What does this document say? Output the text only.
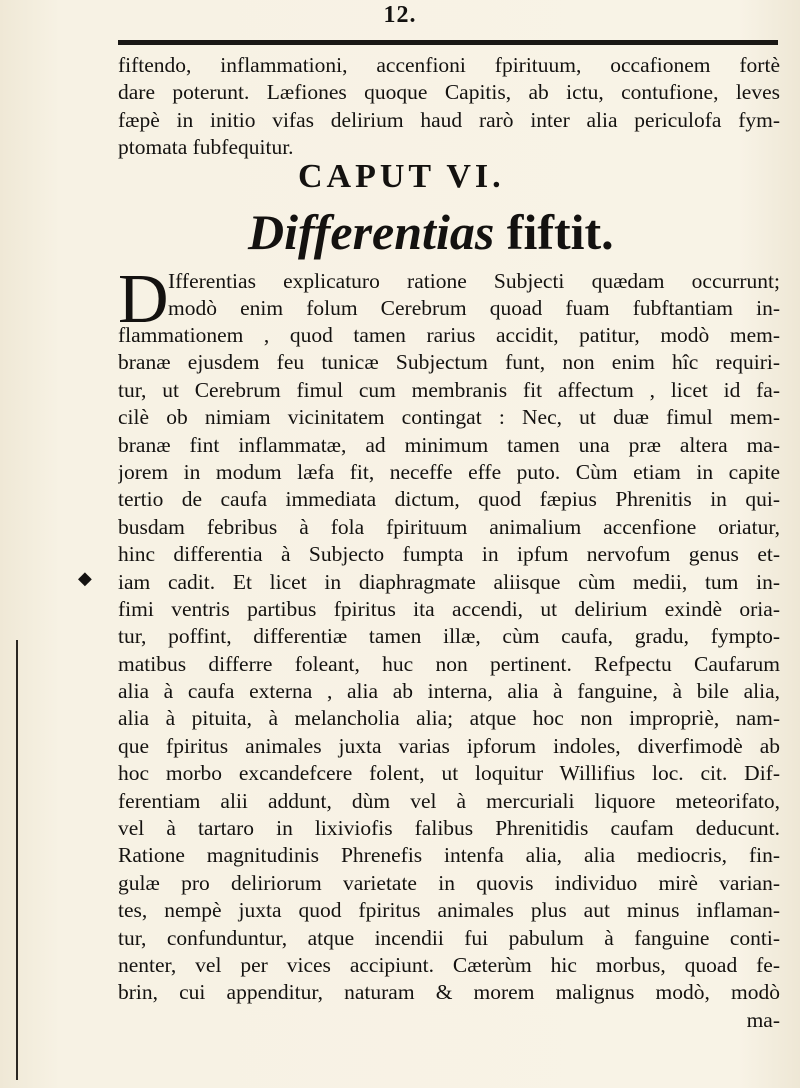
12.
fiftendo, inflammationi, accenfioni fpirituum, occafionem fortè
dare poterunt. Læfiones quoque Capitis, ab ictu, contufione, leves
fæpè in initio vifas delirium haud rarò inter alia periculofa fym-
ptomata fubfequitur.
CAPUT VI.
Differentias fiftit.
D Ifferentias explicaturo ratione Subjecti quædam occurrunt;
modò enim folum Cerebrum quoad fuam fubftantiam in-
flammationem , quod tamen rarius accidit, patitur, modò mem-
branæ ejusdem feu tunicæ Subjectum funt, non enim hîc requiri-
tur, ut Cerebrum fimul cum membranis fit affectum , licet id fa-
cilè ob nimiam vicinitatem contingat : Nec, ut duæ fimul mem-
branæ fint inflammatæ, ad minimum tamen una præ altera ma-
jorem in modum læfa fit, neceffe effe puto. Cùm etiam in capite
tertio de caufa immediata dictum, quod fæpius Phrenitis in qui-
busdam febribus à fola fpirituum animalium accenfione oriatur,
hinc differentia à Subjecto fumpta in ipfum nervofum genus et-
iam cadit. Et licet in diaphragmate aliisque cùm medii, tum in-
fimi ventris partibus fpiritus ita accendi, ut delirium exindè oria-
tur, poffint, differentiæ tamen illæ, cùm caufa, gradu, fympto-
matibus differre foleant, huc non pertinent. Refpectu Caufarum
alia à caufa externa , alia ab interna, alia à fanguine, à bile alia,
alia à pituita, à melancholia alia; atque hoc non impropriè, nam-
que fpiritus animales juxta varias ipforum indoles, diverfimodè ab
hoc morbo excandefcere folent, ut loquitur Willifius loc. cit. Dif-
ferentiam alii addunt, dùm vel à mercuriali liquore meteorifato,
vel à tartaro in lixiviofis falibus Phrenitidis caufam deducunt.
Ratione magnitudinis Phrenefis intenfa alia, alia mediocris, fin-
gulæ pro deliriorum varietate in quovis individuo mirè varian-
tes, nempè juxta quod fpiritus animales plus aut minus inflaman-
tur, confunduntur, atque incendii fui pabulum à fanguine conti-
nenter, vel per vices accipiunt. Cæterùm hic morbus, quoad fe-
brin, cui appenditur, naturam & morem malignus modò, modò
ma-
◆
